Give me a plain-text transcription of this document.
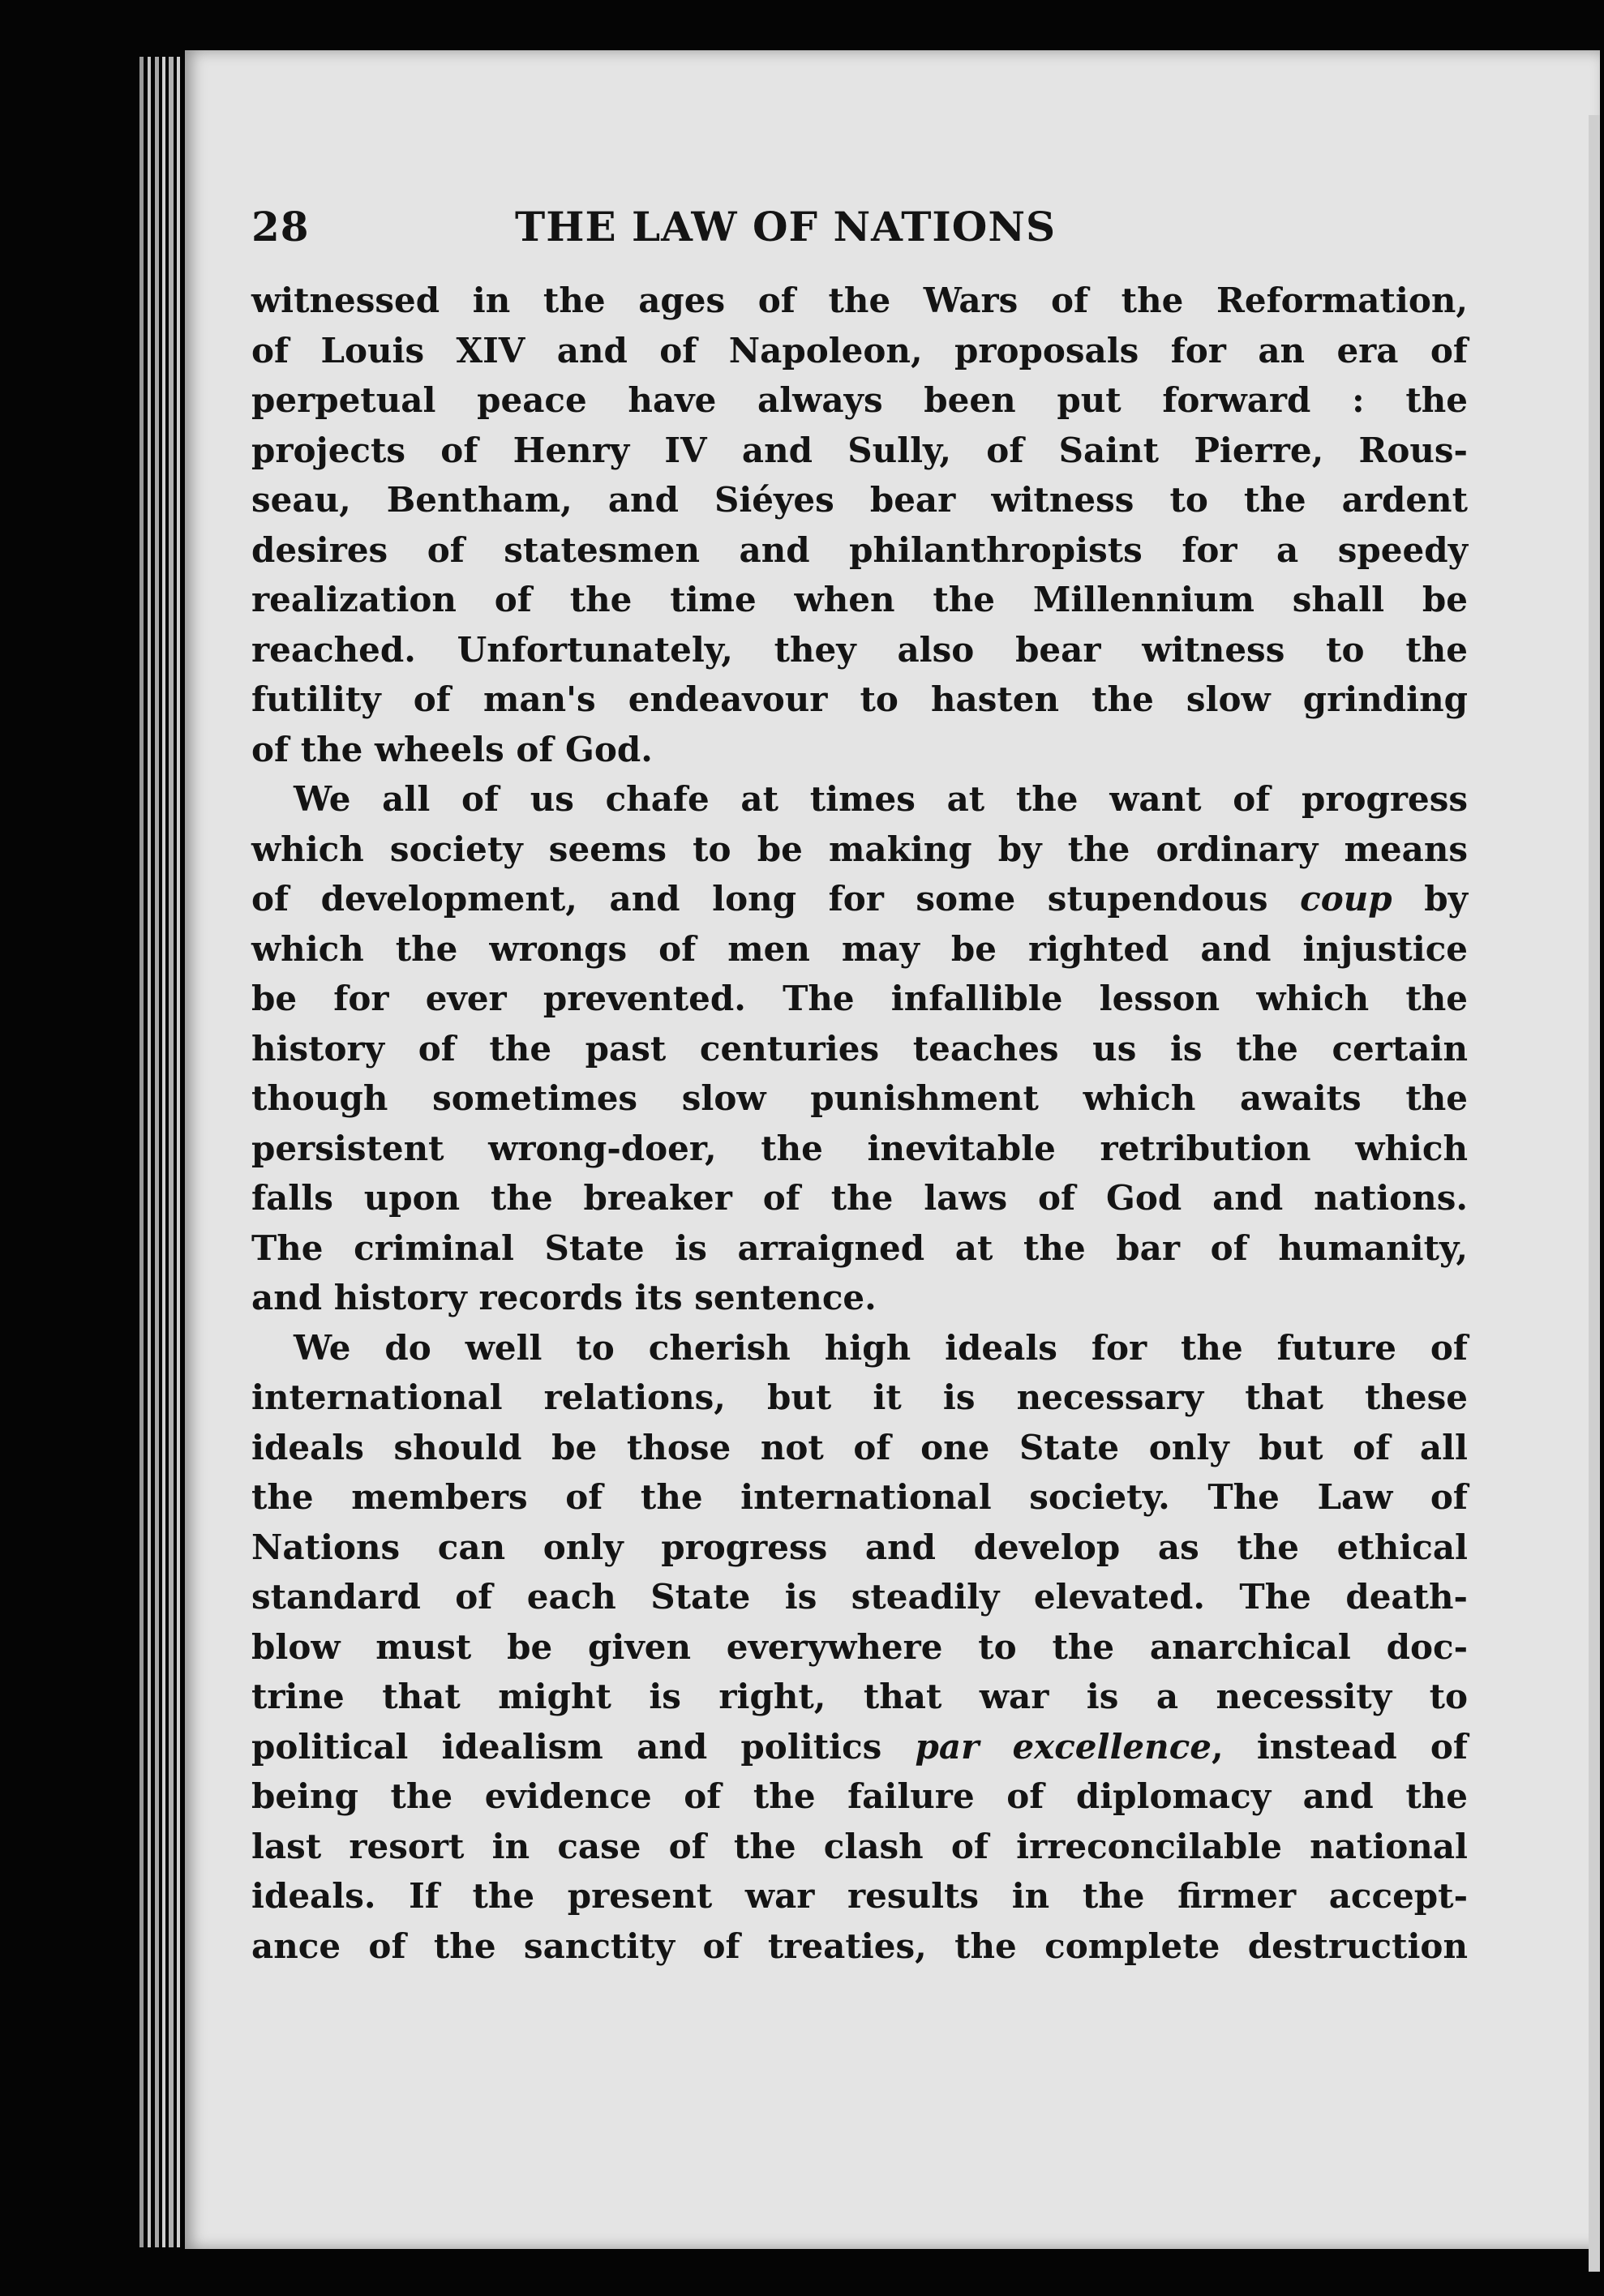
28	THE LAW OF NATIONS
witnessed in the ages of the Wars of the Reformation,
of Louis XIV and of Napoleon, proposals for an era of
perpetual peace have always been put forward : the
projects of Henry IV and Sully, of Saint Pierre, Rous-
seau, Bentham, and Siéyes bear witness to the ardent
desires of statesmen and philanthropists for a speedy
realization of the time when the Millennium shall be
reached. Unfortunately, they also bear witness to the
futility of man's endeavour to hasten the slow grinding
of the wheels of God.
We all of us chafe at times at the want of progress
which society seems to be making by the ordinary means
of development, and long for some stupendous coup by
which the wrongs of men may be righted and injustice
be for ever prevented. The infallible lesson which the
history of the past centuries teaches us is the certain
though sometimes slow punishment which awaits the
persistent wrong-doer, the inevitable retribution which
falls upon the breaker of the laws of God and nations.
The criminal State is arraigned at the bar of humanity,
and history records its sentence.
We do well to cherish high ideals for the future of
international relations, but it is necessary that these
ideals should be those not of one State only but of all
the members of the international society. The Law of
Nations can only progress and develop as the ethical
standard of each State is steadily elevated. The death-
blow must be given everywhere to the anarchical doc-
trine that might is right, that war is a necessity to
political idealism and politics par excellence, instead of
being the evidence of the failure of diplomacy and the
last resort in case of the clash of irreconcilable national
ideals. If the present war results in the firmer accept-
ance of the sanctity of treaties, the complete destruction
